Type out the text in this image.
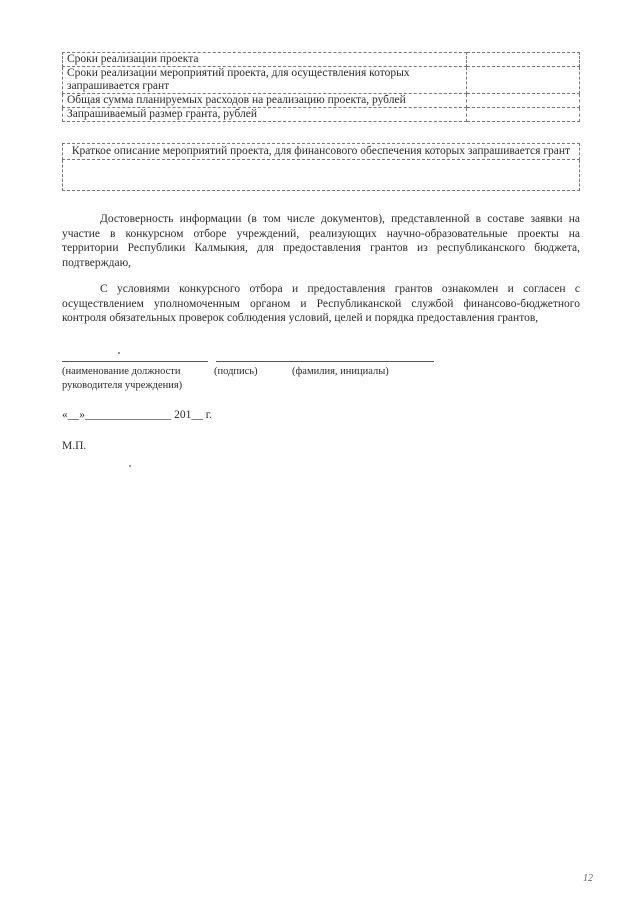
Сроки реализации проекта	
Сроки реализации мероприятий проекта, для осуществления которых запрашивается грант	
Общая сумма планируемых расходов на реализацию проекта, рублей	
Запрашиваемый размер гранта, рублей	
Краткое описание мероприятий проекта, для финансового обеспечения которых запрашивается грант

Достоверность информации (в том числе документов), представленной в составе заявки на участие в конкурсном отборе учреждений, реализующих научно-образовательные проекты на территории Республики Калмыкия, для предоставления грантов из республиканского бюджета, подтверждаю,
С условиями конкурсного отбора и предоставления грантов ознакомлен и согласен с осуществлением уполномоченным органом и Республиканской службой финансово-бюджетного контроля обязательных проверок соблюдения условий, целей и порядка предоставления грантов,
(наименование должности	(подпись)	(фамилия, инициалы)
руководителя учреждения)
«__»_______________ 201__ г.
М.П.
12
